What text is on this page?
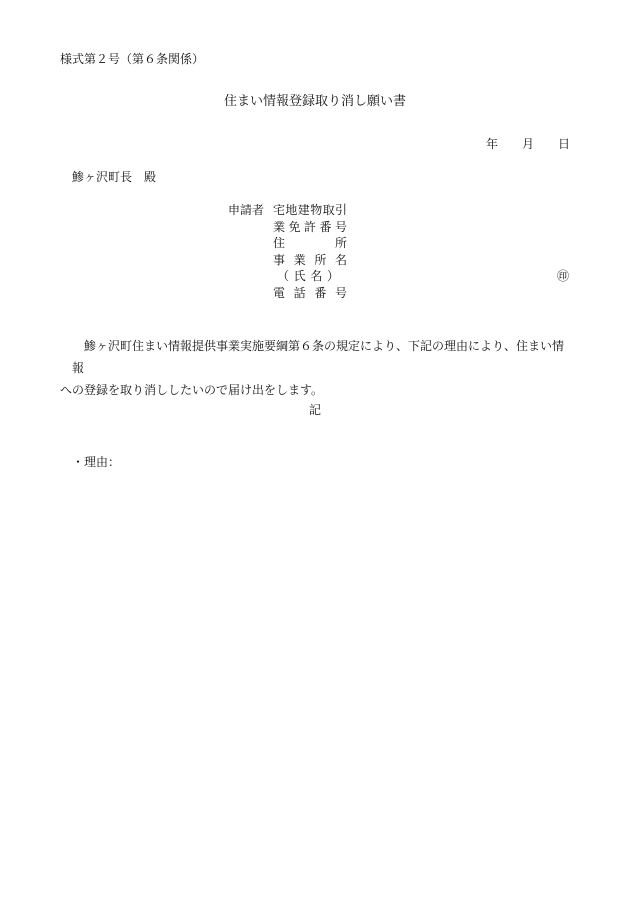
様式第２号（第６条関係）
住まい情報登録取り消し願い書
年 月 日
鯵ヶ沢町長 殿
申請者 宅地建物取引
業免許番号
住所
事業所名
（氏名）
電話番号
㊞
鯵ヶ沢町住まい情報提供事業実施要綱第６条の規定により、下記の理由により、住まい情報
への登録を取り消ししたいので届け出をします。
記
・理由：
